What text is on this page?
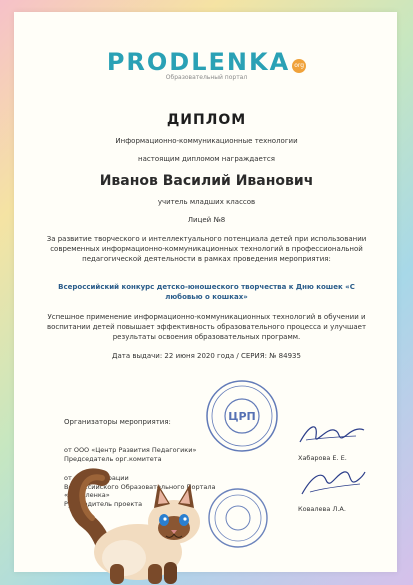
PRODLENKA org
Образовательный портал
ДИПЛОМ
Информационно-коммуникационные технологии
настоящим дипломом награждается
Иванов Василий Иванович
учитель младших классов
Лицей №8
За развитие творческого и интеллектуального потенциала детей при использовании современных информационно-коммуникационных технологий в профессиональной педагогической деятельности в рамках проведения мероприятия:
Всероссийский конкурс детско-юношеского творчества к Дню кошек «С любовью о кошках»
Успешное применение информационно-коммуникационных технологий в обучении и воспитании детей повышает эффективность образовательного процесса и улучшает результаты освоения образовательных программ.
Дата выдачи: 22 июня 2020 года / СЕРИЯ: № 84935
ЦРП
Организаторы мероприятия:
от ООО «Центр Развития Педагогики»
Председатель орг.комитета	Хабарова Е. Е.
от Администрации
Всероссийского Образовательного Портала
«Продленка»
Руководитель проекта
Ковалева Л.А.
